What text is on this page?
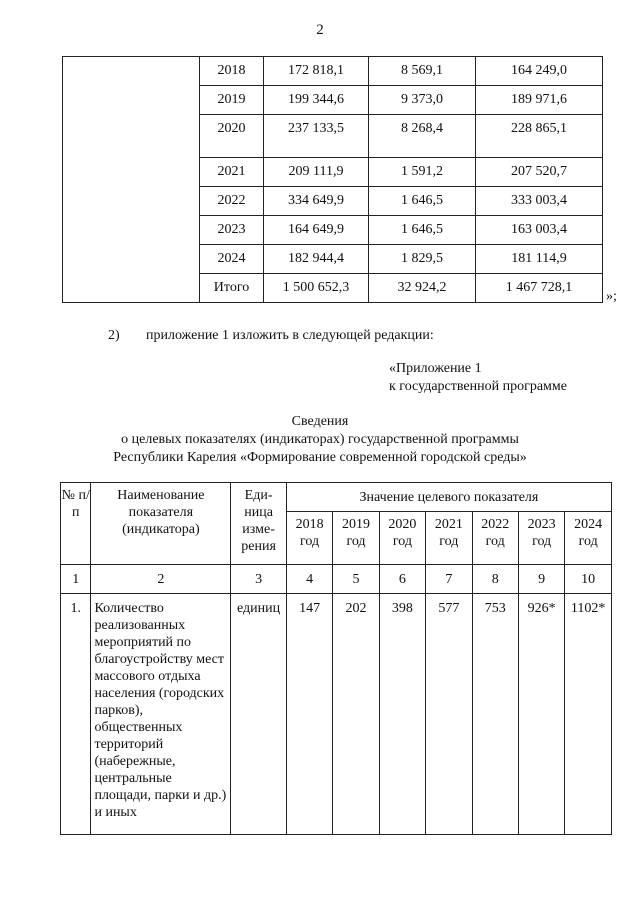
2
	2018	172 818,1	8 569,1	164 249,0
	2019	199 344,6	9 373,0	189 971,6
	2020	237 133,5	8 268,4	228 865,1
	2021	209 111,9	1 591,2	207 520,7
	2022	334 649,9	1 646,5	333 003,4
	2023	164 649,9	1 646,5	163 003,4
	2024	182 944,4	1 829,5	181 114,9
	Итого	1 500 652,3	32 924,2	1 467 728,1
»;
2) приложение 1 изложить в следующей редакции:
«Приложение 1
к государственной программе
Сведения
о целевых показателях (индикаторах) государственной программы
Республики Карелия «Формирование современной городской среды»
№ п/п	Наименование показателя (индикатора)	Еди-ница изме-рения	Значение целевого показателя						
			2018 год	2019 год	2020 год	2021 год	2022 год	2023 год	2024 год
1	2	3	4	5	6	7	8	9	10
1.	Количество реализованных мероприятий по благоустройству мест массового отдыха населения (городских парков), общественных территорий (набережные, центральные площади, парки и др.) и иных	единиц	147	202	398	577	753	926*	1102*
